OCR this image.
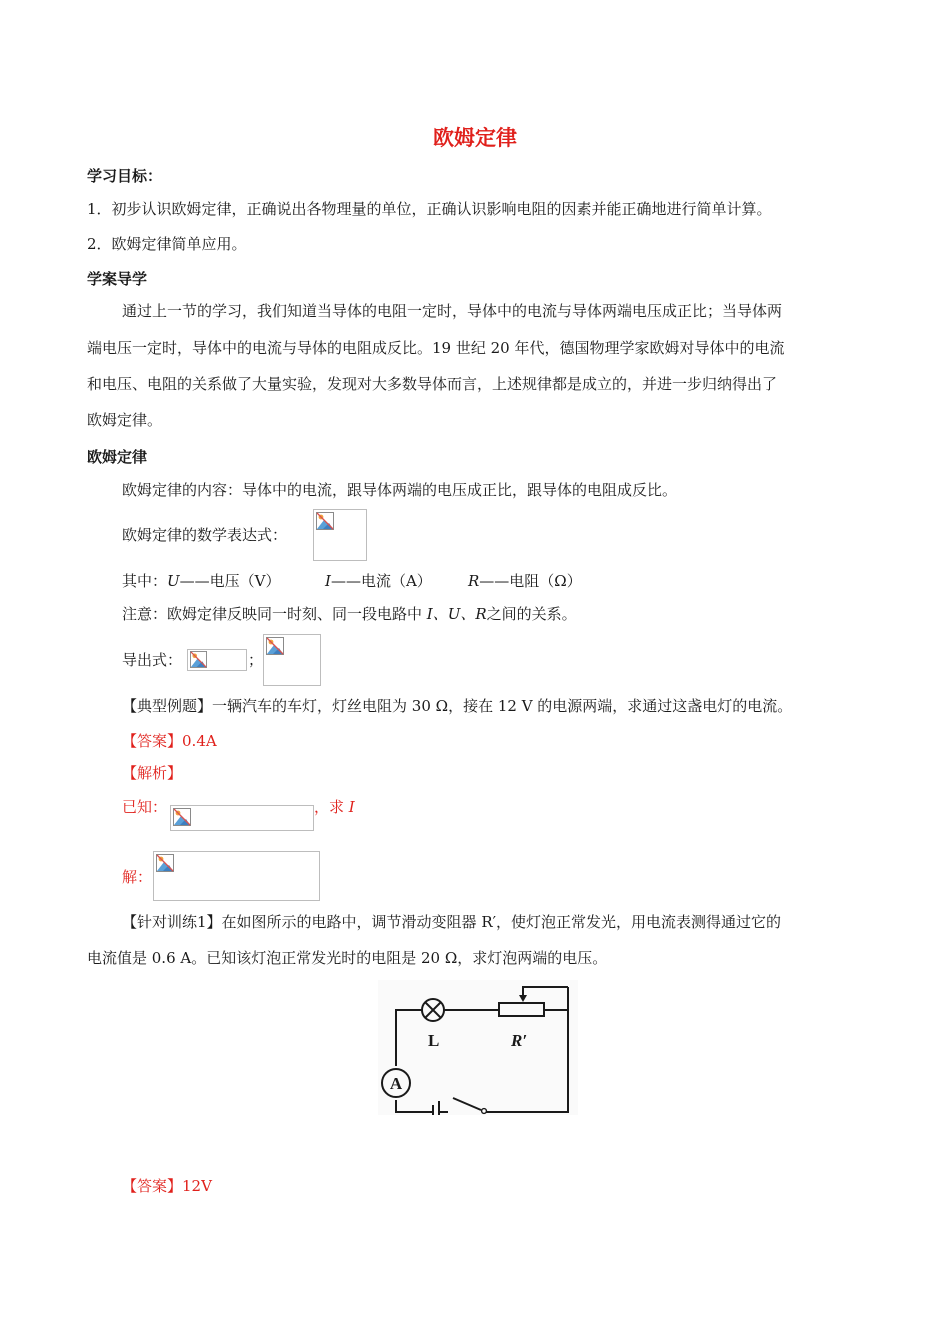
欧姆定律
学习目标：
1．初步认识欧姆定律，正确说出各物理量的单位，正确认识影响电阻的因素并能正确地进行简单计算。
2．欧姆定律简单应用。
学案导学
通过上一节的学习，我们知道当导体的电阻一定时，导体中的电流与导体两端电压成正比；当导体两
端电压一定时，导体中的电流与导体的电阻成反比。19 世纪 20 年代，德国物理学家欧姆对导体中的电流
和电压、电阻的关系做了大量实验，发现对大多数导体而言，上述规律都是成立的，并进一步归纳得出了
欧姆定律。
欧姆定律
欧姆定律的内容：导体中的电流，跟导体两端的电压成正比，跟导体的电阻成反比。
欧姆定律的数学表达式：
其中：U——电压（V）	I——电流（A） R——电阻（Ω）
注意：欧姆定律反映同一时刻、同一段电路中 I、U、R之间的关系。
导出式：	；
【典型例题】一辆汽车的车灯，灯丝电阻为 30 Ω，接在 12 V 的电源两端，求通过这盏电灯的电流。
【答案】0.4A
【解析】
已知：	，求 I
解：
【针对训练1】在如图所示的电路中，调节滑动变阻器 R′，使灯泡正常发光，用电流表测得通过它的
电流值是 0.6 A。已知该灯泡正常发光时的电阻是 20 Ω，求灯泡两端的电压。
A
L	R′
【答案】12V
